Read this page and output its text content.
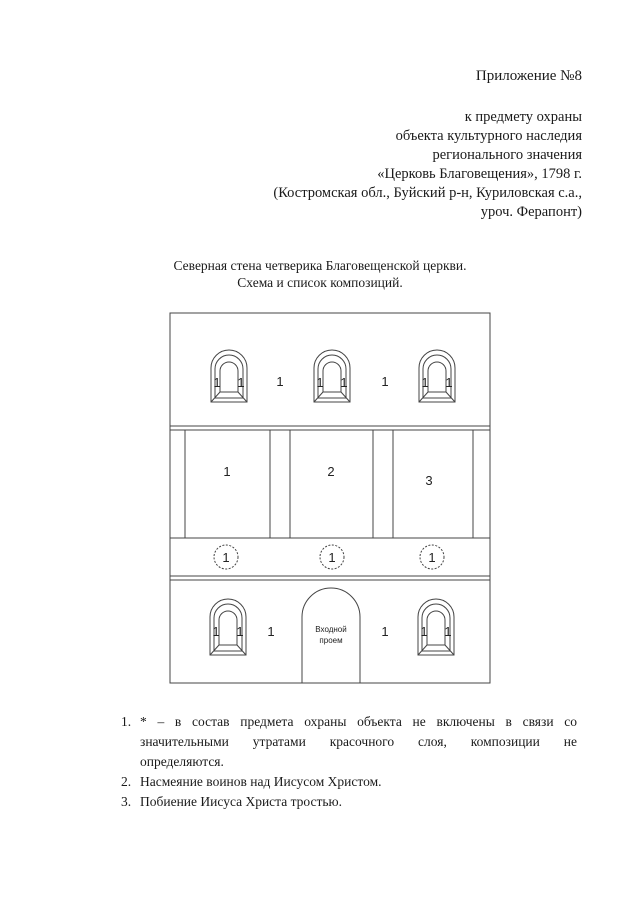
Приложение №8
к предмету охраны
объекта культурного наследия
регионального значения
«Церковь Благовещения», 1798 г.
(Костромская обл., Буйский р-н, Куриловская с.а.,
уроч. Ферапонт)
Северная стена четверика Благовещенской церкви.
Схема и список композиций.
1 1 1	1 1	1	1 1
1	2
3
1	1	1
1 1 1	1 1 1
Входной
проем
1. * – в состав предмета охраны объекта не включены в связи со
значительными утратами красочного слоя, композиции не
определяются.
2. Насмеяние воинов над Иисусом Христом.
3. Побиение Иисуса Христа тростью.
